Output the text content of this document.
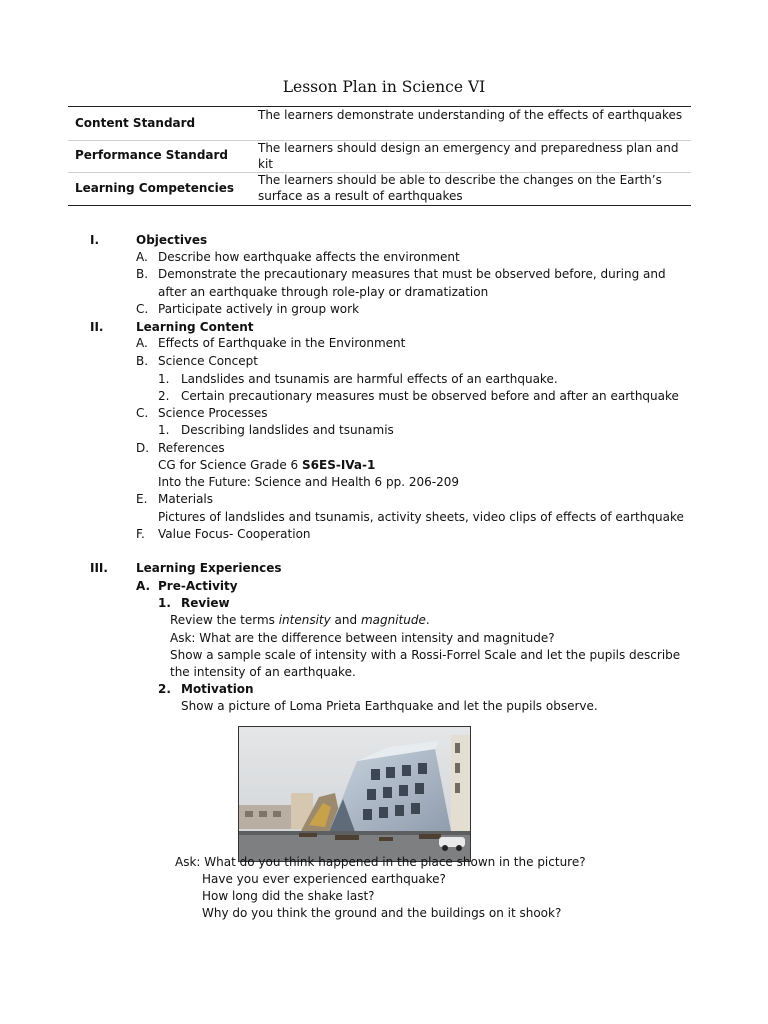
Lesson Plan in Science VI
Content Standard
The learners demonstrate understanding of the effects of earthquakes
Performance Standard The learners should design an emergency and preparedness plan and kit
Learning Competencies
The learners should be able to describe the changes on the Earth’s surface as a result of earthquakes
I.	Objectives
A. Describe how earthquake affects the environment
B. Demonstrate the precautionary measures that must be observed before, during and
after an earthquake through role-play or dramatization
C. Participate actively in group work
II.	Learning Content
A. Effects of Earthquake in the Environment
B. Science Concept
1. Landslides and tsunamis are harmful effects of an earthquake.
2. Certain precautionary measures must be observed before and after an earthquake
C. Science Processes
1. Describing landslides and tsunamis
D. References
CG for Science Grade 6 S6ES-IVa-1
Into the Future: Science and Health 6 pp. 206-209
E. Materials
Pictures of landslides and tsunamis, activity sheets, video clips of effects of earthquake
F. Value Focus- Cooperation
III. Learning Experiences
A. Pre-Activity
1. Review
Review the terms intensity and magnitude.
Ask: What are the difference between intensity and magnitude?
Show a sample scale of intensity with a Rossi-Forrel Scale and let the pupils describe
the intensity of an earthquake.
2. Motivation
Show a picture of Loma Prieta Earthquake and let the pupils observe.
Ask: What do you think happened in the place shown in the picture?
Have you ever experienced earthquake?
How long did the shake last?
Why do you think the ground and the buildings on it shook?
